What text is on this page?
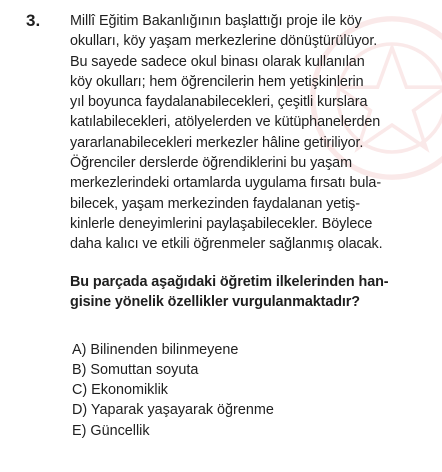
3. Millî Eğitim Bakanlığının başlattığı proje ile köy
okulları, köy yaşam merkezlerine dönüştürülüyor.
Bu sayede sadece okul binası olarak kullanılan
köy okulları; hem öğrencilerin hem yetişkinlerin
yıl boyunca faydalanabilecekleri, çeşitli kurslara
katılabilecekleri, atölyelerden ve kütüphanelerden
yararlanabilecekleri merkezler hâline getiriliyor.
Öğrenciler derslerde öğrendiklerini bu yaşam
merkezlerindeki ortamlarda uygulama fırsatı bula-
bilecek, yaşam merkezinden faydalanan yetiş-
kinlerle deneyimlerini paylaşabilecekler. Böylece
daha kalıcı ve etkili öğrenmeler sağlanmış olacak.
Bu parçada aşağıdaki öğretim ilkelerinden han-
gisine yönelik özellikler vurgulanmaktadır?
A) Bilinenden bilinmeyene
B) Somuttan soyuta
C) Ekonomiklik
D) Yaparak yaşayarak öğrenme
E) Güncellik
